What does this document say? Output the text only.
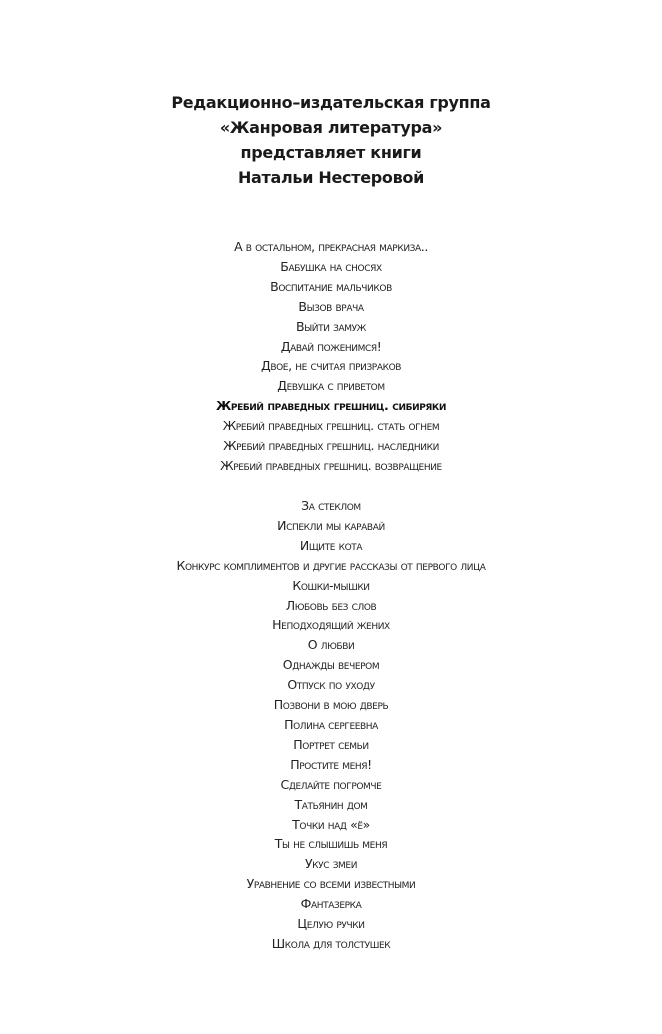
Редакционно–издательская группа
«Жанровая литература»
представляет книги
Натальи Нестеровой
А в остальном, прекрасная маркиза..
Бабушка на сносях
Воспитание мальчиков
Вызов врача
Выйти замуж
Давай поженимся!
Двое, не считая призраков
Девушка с приветом
Жребий праведных грешниц. сибиряки
Жребий праведных грешниц. стать огнем
Жребий праведных грешниц. наследники
Жребий праведных грешниц. возвращение
За стеклом
Испекли мы каравай
Ищите кота
Конкурс комплиментов и другие рассказы от первого лица
Кошки-мышки
Любовь без слов
Неподходящий жених
О любви
Однажды вечером
Отпуск по уходу
Позвони в мою дверь
Полина сергеевна
Портрет семьи
Простите меня!
Сделайте погромче
Татьянин дом
Точки над «ё»
Ты не слышишь меня
Укус змеи
Уравнение со всеми известными
Фантазерка
Целую ручки
Школа для толстушек
